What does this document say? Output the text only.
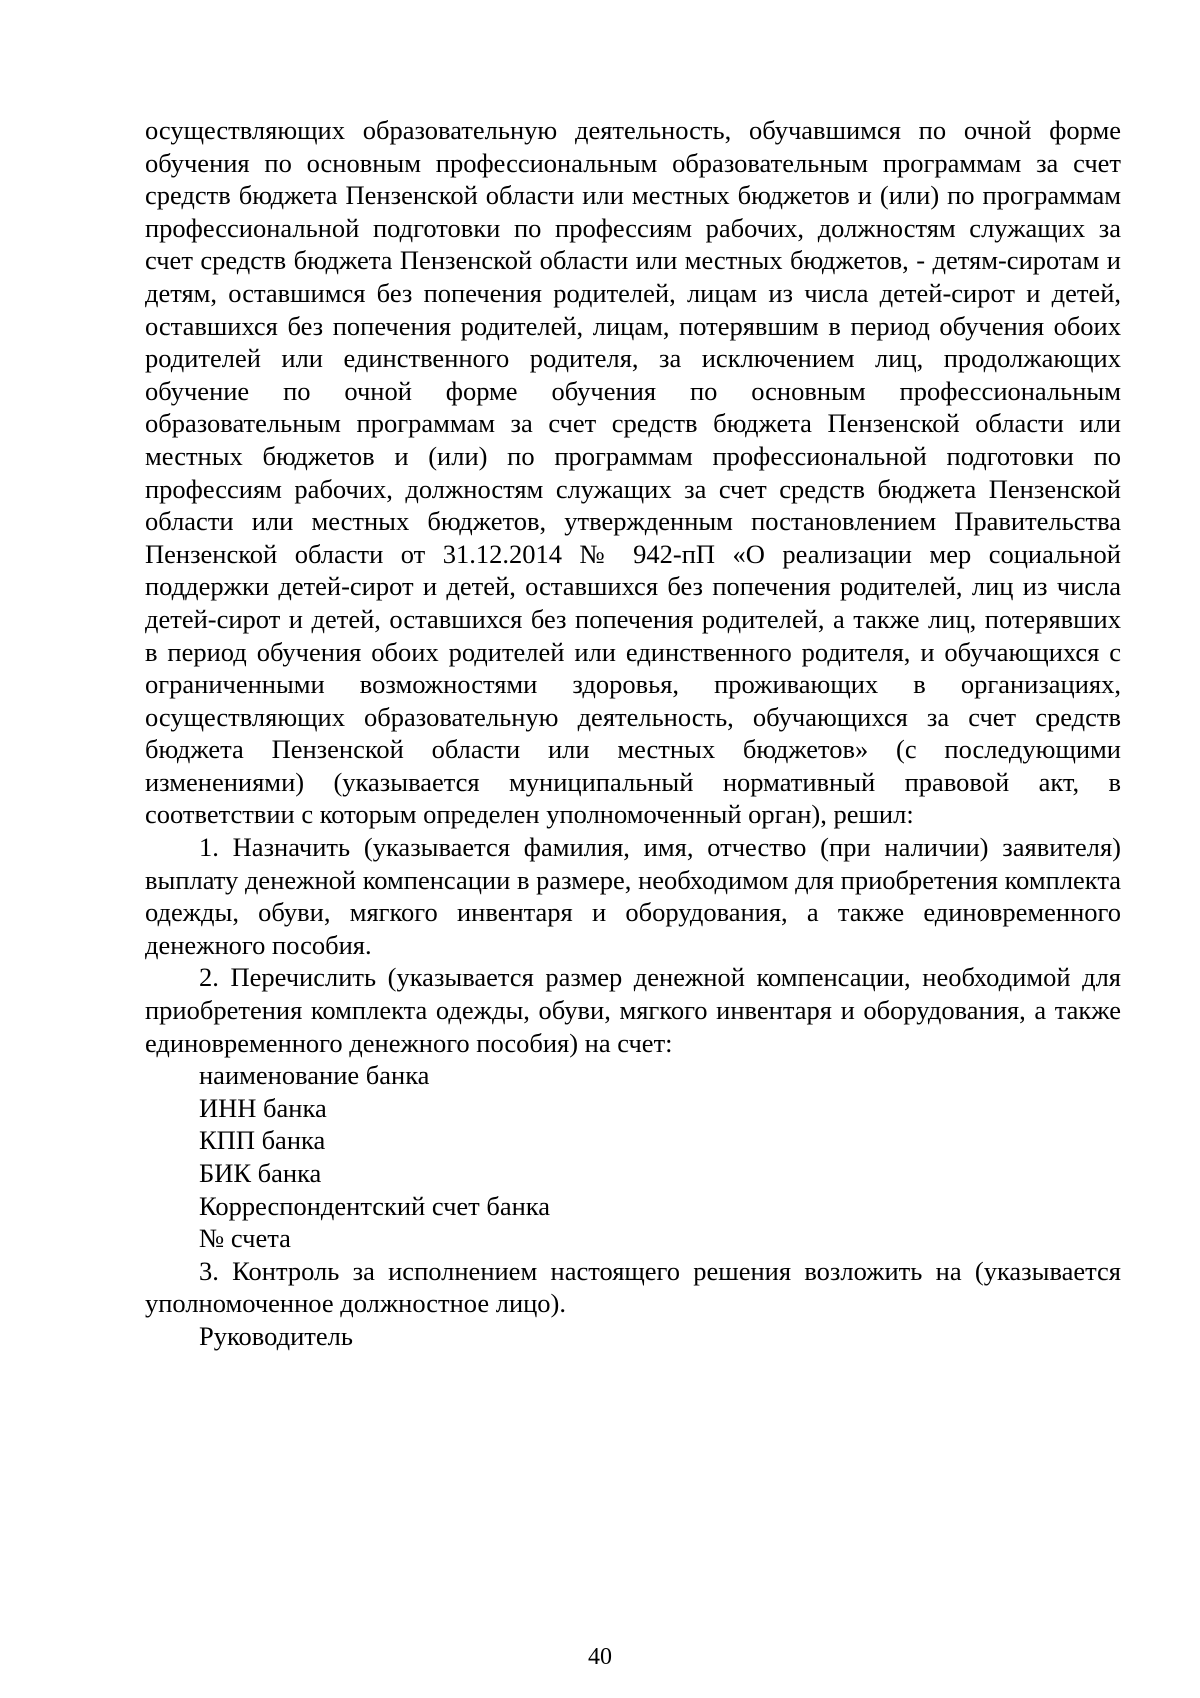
осуществляющих образовательную деятельность, обучавшимся по очной форме обучения по основным профессиональным образовательным программам за счет средств бюджета Пензенской области или местных бюджетов и (или) по программам профессиональной подготовки по профессиям рабочих, должностям служащих за счет средств бюджета Пензенской области или местных бюджетов, - детям-сиротам и детям, оставшимся без попечения родителей, лицам из числа детей-сирот и детей, оставшихся без попечения родителей, лицам, потерявшим в период обучения обоих родителей или единственного родителя, за исключением лиц, продолжающих обучение по очной форме обучения по основным профессиональным образовательным программам за счет средств бюджета Пензенской области или местных бюджетов и (или) по программам профессиональной подготовки по профессиям рабочих, должностям служащих за счет средств бюджета Пензенской области или местных бюджетов, утвержденным постановлением Правительства Пензенской области от 31.12.2014 № 942-пП «О реализации мер социальной поддержки детей-сирот и детей, оставшихся без попечения родителей, лиц из числа детей-сирот и детей, оставшихся без попечения родителей, а также лиц, потерявших в период обучения обоих родителей или единственного родителя, и обучающихся с ограниченными возможностями здоровья, проживающих в организациях, осуществляющих образовательную деятельность, обучающихся за счет средств бюджета Пензенской области или местных бюджетов» (с последующими изменениями) (указывается муниципальный нормативный правовой акт, в соответствии с которым определен уполномоченный орган), решил:

1. Назначить (указывается фамилия, имя, отчество (при наличии) заявителя) выплату денежной компенсации в размере, необходимом для приобретения комплекта одежды, обуви, мягкого инвентаря и оборудования, а также единовременного денежного пособия.

2. Перечислить (указывается размер денежной компенсации, необходимой для приобретения комплекта одежды, обуви, мягкого инвентаря и оборудования, а также единовременного денежного пособия) на счет:

наименование банка

ИНН банка

КПП банка

БИК банка

Корреспондентский счет банка

№ счета

3. Контроль за исполнением настоящего решения возложить на (указывается уполномоченное должностное лицо).

Руководитель

40
